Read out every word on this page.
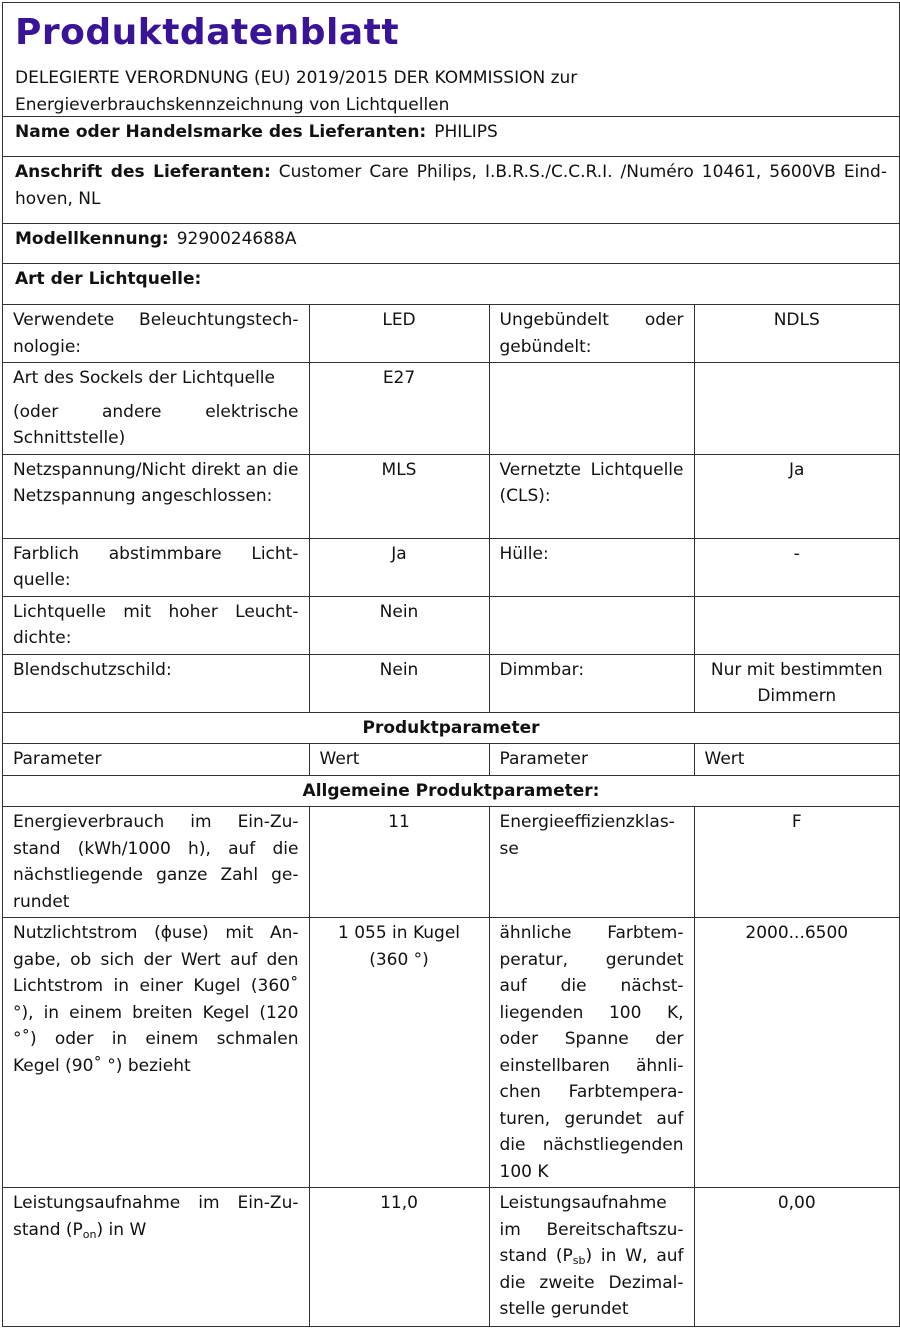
Produktdatenblatt

DELEGIERTE VERORDNUNG (EU) 2019/2015 DER KOMMISSION zur
Energieverbrauchskennzeichnung von Lichtquellen

Name oder Handelsmarke des Lieferanten: PHILIPS
Anschrift des Lieferanten: Customer Care Philips, I.B.R.S./C.C.R.I. /Numéro 10461, 5600VB Eindhoven, NL
Modellkennung: 9290024688A
Art der Lichtquelle:
Verwendete Beleuchtungstechnologie:	LED	Ungebündelt oder gebündelt:	NDLS

Art des Sockels der Lichtquelle
(oder andere elektrische Schnittstelle)	E27		
Netzspannung/Nicht direkt an die Netzspannung angeschlossen:	MLS	Vernetzte Lichtquelle (CLS):	Ja
Farblich abstimmbare Lichtquelle:	Ja	Hülle:	-
Lichtquelle mit hoher Leuchtdichte:	Nein		
Blendschutzschild:	Nein	Dimmbar:	Nur mit bestimmten Dimmern
Produktparameter			
Parameter	Wert	Parameter	Wert
Allgemeine Produktparameter:			
Energieverbrauch im Ein-Zustand (kWh/1000 h), auf die nächstliegende ganze Zahl gerundet	11	Energieeffizienzklasse	F
Nutzlichtstrom (ɸuse) mit Angabe, ob sich der Wert auf den Lichtstrom in einer Kugel (360˚ °), in einem breiten Kegel (120 °˚) oder in einem schmalen Kegel (90˚ °) bezieht	1 055 in Kugel (360 °)	ähnliche Farbtemperatur, gerundet auf die nächstliegenden 100 K, oder Spanne der einstellbaren ähnlichen Farbtemperaturen, gerundet auf die nächstliegenden 100 K	2000...6500
Leistungsaufnahme im Ein-Zustand $(P_{on})$ in W	11,0	Leistungsaufnahme im Bereitschaftszustand $(P_{sb})$ in W, auf die zweite Dezimalstelle gerundet	0,00
